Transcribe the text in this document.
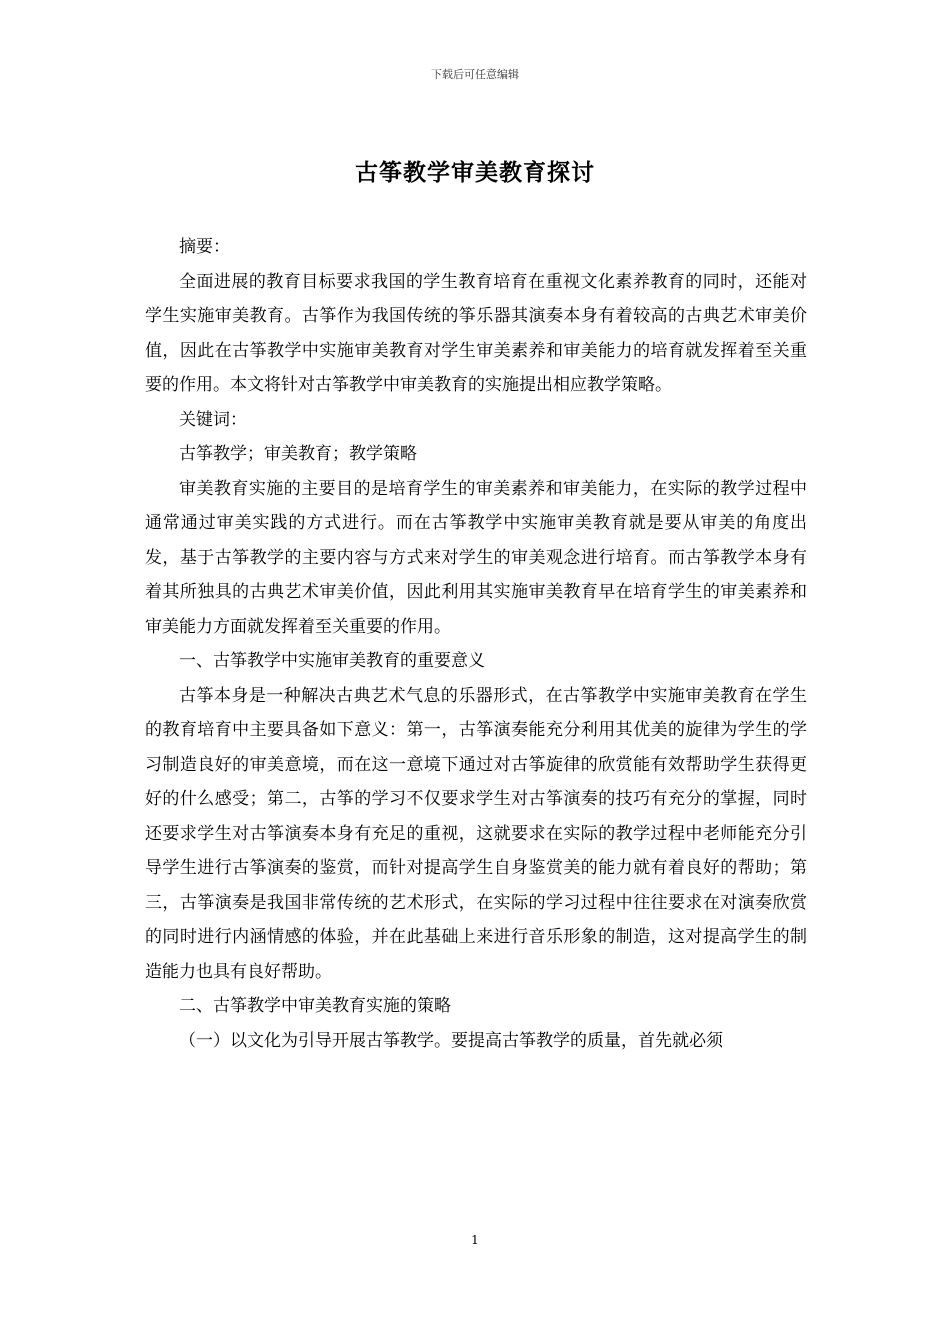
下载后可任意编辑
古筝教学审美教育探讨

摘要：

全面进展的教育目标要求我国的学生教育培育在重视文化素养教育的同时，还能对学生实施审美教育。古筝作为我国传统的筝乐器其演奏本身有着较高的古典艺术审美价值，因此在古筝教学中实施审美教育对学生审美素养和审美能力的培育就发挥着至关重要的作用。本文将针对古筝教学中审美教育的实施提出相应教学策略。

关键词：

古筝教学；审美教育；教学策略

审美教育实施的主要目的是培育学生的审美素养和审美能力，在实际的教学过程中通常通过审美实践的方式进行。而在古筝教学中实施审美教育就是要从审美的角度出发，基于古筝教学的主要内容与方式来对学生的审美观念进行培育。而古筝教学本身有着其所独具的古典艺术审美价值，因此利用其实施审美教育早在培育学生的审美素养和审美能力方面就发挥着至关重要的作用。

一、古筝教学中实施审美教育的重要意义

古筝本身是一种解决古典艺术气息的乐器形式，在古筝教学中实施审美教育在学生的教育培育中主要具备如下意义：第一，古筝演奏能充分利用其优美的旋律为学生的学习制造良好的审美意境，而在这一意境下通过对古筝旋律的欣赏能有效帮助学生获得更好的什么感受；第二，古筝的学习不仅要求学生对古筝演奏的技巧有充分的掌握，同时还要求学生对古筝演奏本身有充足的重视，这就要求在实际的教学过程中老师能充分引导学生进行古筝演奏的鉴赏，而针对提高学生自身鉴赏美的能力就有着良好的帮助；第三，古筝演奏是我国非常传统的艺术形式，在实际的学习过程中往往要求在对演奏欣赏的同时进行内涵情感的体验，并在此基础上来进行音乐形象的制造，这对提高学生的制造能力也具有良好帮助。

二、古筝教学中审美教育实施的策略

（一）以文化为引导开展古筝教学。要提高古筝教学的质量，首先就必须

1
